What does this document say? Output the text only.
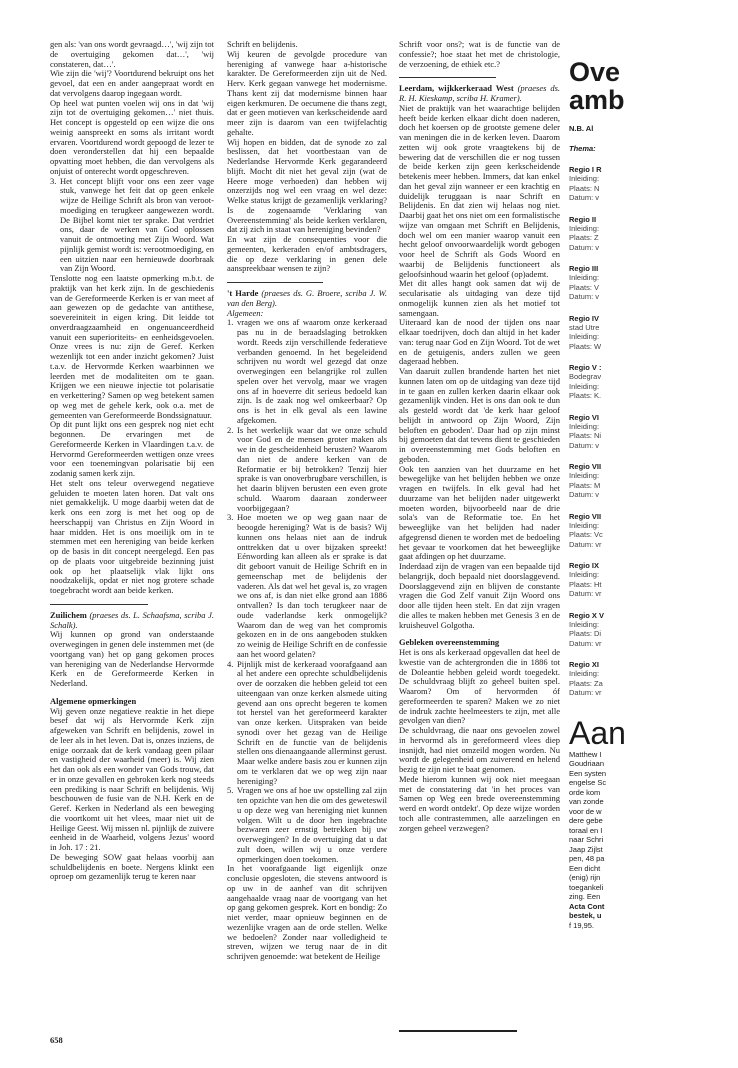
gen als: 'van ons wordt gevraagd…', 'wij zijn tot de overtuiging gekomen dat…', 'wij constateren, dat…'.

Wie zijn die 'wij'? Voortdurend bekruipt ons het gevoel, dat een en ander aangepraat wordt en dat vervolgens daarop ingegaan wordt.

Op heel wat punten voelen wij ons in dat 'wij zijn tot de overtuiging gekomen…' niet thuis. Het concept is opgesteld op een wijze die ons weinig aanspreekt en soms als irritant wordt ervaren. Voortdurend wordt gepoogd de lezer te doen veronderstellen dat hij een bepaalde opvatting moet hebben, die dan vervolgens als onjuist of onterecht wordt opgeschreven.

3. Het concept blijft voor ons een zeer vage stuk, vanwege het feit dat op geen enkele wijze de Heilige Schrift als bron van veroot-moediging en terugkeer aangewezen wordt. De Bijbel komt niet ter sprake. Dat verdriet ons, daar de werken van God oplossen vanuit de ontmoeting met Zijn Woord. Wat pijnlijk gemist wordt is: verootmoediging, en een uitzien naar een hernieuwde doorbraak van Zijn Woord.

Tenslotte nog een laatste opmerking m.b.t. de praktijk van het kerk zijn. In de geschiedenis van de Gereformeerde Kerken is er van meet af aan gewezen op de gedachte van antithese, soevereiniteit in eigen kring. Dit leidde tot onverdraagzaamheid en ongenuanceerdheid vanuit een superioriteits- en eenheidsgevoelen. Onze vrees is nu: zijn de Geref. Kerken wezenlijk tot een ander inzicht gekomen? Juist t.a.v. de Hervormde Kerken waarbinnen we leerden met de modaliteiten om te gaan. Krijgen we een nieuwe injectie tot polarisatie en verkettering? Samen op weg betekent samen op weg met de gehele kerk, ook o.a. met de gemeenten van Gereformeerde Bondssignatuur.

Op dit punt lijkt ons een gesprek nog niet echt begonnen. De ervaringen met de Gereformeerde Kerken in Vlaardingen t.a.v. de Hervormd Gereformeerden wettigen onze vrees voor een toenemingvan polarisatie bij een zodanig samen kerk zijn.

Het stelt ons teleur overwegend negatieve geluiden te moeten laten horen. Dat valt ons niet gemakkelijk. U moge daarbij weten dat de kerk ons een zorg is met het oog op de heerschappij van Christus en Zijn Woord in haar midden. Het is ons moeilijk om in te stemmen met een hereniging van beide kerken op de basis in dit concept neergelegd. Een pas op de plaats voor uitgebreide bezinning juist ook op het plaatselijk vlak lijkt ons noodzakelijk, opdat er niet nog grotere schade toegebracht wordt aan beide kerken.

Zuilichem (praeses ds. L. Schaafsma, scriba J. Schalk).

Wij kunnen op grond van onderstaande overwegingen in genen dele instemmen met (de voortgang van) het op gang gekomen proces van hereniging van de Nederlandse Hervormde Kerk en de Gereformeerde Kerken in Nederland.

Algemene opmerkingen

Wij geven onze negatieve reaktie in het diepe besef dat wij als Hervormde Kerk zijn afgeweken van Schrift en belijdenis, zowel in de leer als in het leven. Dat is, onzes inziens, de enige oorzaak dat de kerk vandaag geen pilaar en vastigheid der waarheid (meer) is. Wij zien het dan ook als een wonder van Gods trouw, dat er in onze gevallen en gebroken kerk nog steeds een prediking is naar Schrift en belijdenis. Wij beschouwen de fusie van de N.H. Kerk en de Geref. Kerken in Nederland als een beweging die voortkomt uit het vlees, maar niet uit de Heilige Geest. Wij missen nl. pijnlijk de zuivere eenheid in de Waarheid, volgens Jezus' woord in Joh. 17 : 21.

De beweging SOW gaat helaas voorbij aan schuldbelijdenis en boete. Nergens klinkt een oproep om gezamenlijk terug te keren naar

Schrift en belijdenis.

Wij keuren de gevolgde procedure van hereniging af vanwege haar a-historische karakter. De Gereformeerden zijn uit de Ned. Herv. Kerk gegaan vanwege het modernisme. Thans kent zij dat modernisme binnen haar eigen kerkmuren. De oecumene die thans zegt, dat er geen motieven van kerkscheidende aard meer zijn is daarom van een twijfelachtig gehalte.

Wij hopen en bidden, dat de synode zo zal beslissen, dat het voortbestaan van de Nederlandse Hervormde Kerk gegarandeerd blijft. Mocht dit niet het geval zijn (wat de Heere moge verhoeden) dan hebben wij onzerzijds nog wel een vraag en wel deze: Welke status krijgt de gezamenlijk verklaring? Is de zogenaamde 'Verklaring van Overeenstemming' als beide kerken verklaren, dat zij zich in staat van hereniging bevinden?

En wat zijn de consequenties voor die gemeenten, kerkeraden en/of ambtsdragers, die op deze verklaring in genen dele aanspreekbaar wensen te zijn?

't Harde (praeses ds. G. Broere, scriba J. W. van den Berg).

Algemeen:

1. vragen we ons af waarom onze kerkeraad pas nu in de beraadslaging betrokken wordt. Reeds zijn verschillende federatieve verbanden genoemd. In het begeleidend schrijven nu wordt wel gezegd dat onze overwegingen een belangrijke rol zullen spelen over het vervolg, maar we vragen ons af in hoeverre dit serieus bedoeld kan zijn. Is de zaak nog wel omkeerbaar? Op ons is het in elk geval als een lawine afgekomen.
2. Is het werkelijk waar dat we onze schuld voor God en de mensen groter maken als we in de gescheidenheid berusten? Waarom dan niet de andere kerken van de Reformatie er bij betrokken? Tenzij hier sprake is van onoverbrugbare verschillen, is het daarin blijven berusten een even grote schuld. Waarom daaraan zonderweer voorbijgegaan?
3. Hoe moeten we op weg gaan naar de beoogde hereniging? Wat is de basis? Wij kunnen ons helaas niet aan de indruk onttrekken dat u over bijzaken spreekt! Eénwording kan alleen als er sprake is dat dit geboort vanuit de Heilige Schrift en in gemeenschap met de belijdenis der vaderen. Als dat wel het geval is, zo vragen we ons af, is dan niet elke grond aan 1886 ontvallen? Is dan toch terugkeer naar de oude vaderlandse kerk onmogelijk? Waarom dan de weg van het compromis gekozen en in de ons aangeboden stukken zo weinig de Heilige Schrift en de confessie aan het woord gelaten?
4. Pijnlijk mist de kerkeraad voorafgaand aan al het andere een oprechte schuldbelijdenis over de oorzaken die hebben geleid tot een uiteengaan van onze kerken alsmede uiting gevend aan ons oprecht begeren te komen tot herstel van het gereformeerd karakter van onze kerken. Uitspraken van beide synodi over het gezag van de Heilige Schrift en de functie van de belijdenis stellen ons dienaangaande allerminst gerust. Maar welke andere basis zou er kunnen zijn om te verklaren dat we op weg zijn naar hereniging?
5. Vragen we ons af hoe uw opstelling zal zijn ten opzichte van hen die om des geweteswil u op deze weg van hereniging niet kunnen volgen. Wilt u de door hen ingebrachte bezwaren zeer ernstig betrekken bij uw overwegingen? In de overtuiging dat u dat zult doen, willen wij u onze verdere opmerkingen doen toekomen.

In het voorafgaande ligt eigenlijk onze conclusie opgesloten, die stevens antwoord is op uw in de aanhef van dit schrijven aangehaalde vraag naar de voortgang van het op gang gekomen gesprek. Kort en bondig: Zo niet verder, maar opnieuw beginnen en de wezenlijke vragen aan de orde stellen. Welke we bedoelen? Zonder naar volledigheid te streven, wijzen we terug naar de in dit schrijven genoemde: wat betekent de Heilige

Schrift voor ons?; wat is de functie van de confessie?; hoe staat het met de christologie, de verzoening, de ethiek etc.?

Leerdam, wijkkerkeraad West (praeses ds. R. H. Kieskamp, scriba H. Kramer).

Niet de praktijk van het waarachtige belijden heeft beide kerken elkaar dicht doen naderen, doch het koersen op de grootste gemene deler van meningen die in de kerken leven. Daarom zetten wij ook grote vraagtekens bij de bewering dat de verschillen die er nog tussen de beide kerken zijn geen kerkscheidende betekenis meer hebben. Immers, dat kan enkel dan het geval zijn wanneer er een krachtig en duidelijk teruggaan is naar Schrift en Belijdenis. En dat zien wij helaas nog niet. Daarbij gaat het ons niet om een formalistische wijze van omgaan met Schrift en Belijdenis, doch wel om een manier waarop vanuit een hecht geloof onvoorwaardelijk wordt gebogen voor heel de Schrift als Gods Woord en waarbij de Belijdenis functioneert als geloofsinhoud waarin het geloof (op)ademt.

Met dit alles hangt ook samen dat wij de secularisatie als uitdaging van deze tijd onmogelijk kunnen zien als het motief tot samengaan.

Uiteraard kan de nood der tijden ons naar elkaar toedrijven, doch dan altijd in het kader van: terug naar God en Zijn Woord. Tot de wet en de getuigenis, anders zullen we geen dageraad hebben.

Van daaruit zullen brandende harten het niet kunnen laten om op de uitdaging van deze tijd in te gaan en zullen kerken daarin elkaar ook gezamenlijk vinden. Het is ons dan ook te dun als gesteld wordt dat 'de kerk haar geloof belijdt in antwoord op Zijn Woord, Zijn beloften en geboden'. Daar had op zijn minst bij gemoeten dat dat tevens dient te geschieden in overeenstemming met Gods beloften en geboden.

Ook ten aanzien van het duurzame en het bewegelijke van het belijden hebben we onze vragen en twijfels. In elk geval had het duurzame van het belijden nader uitgewerkt moeten worden, bijvoorbeeld naar de drie sola's van de Reformatie toe. En het beweeglijke van het belijden had nader afgegrensd dienen te worden met de bedoeling het gevaar te voorkomen dat het beweeglijke gaat afdingen op het duurzame.

Inderdaad zijn de vragen van een bepaalde tijd belangrijk, doch bepaald niet doorslaggevend. Doorslaggevend zijn en blijven de constante vragen die God Zelf vanuit Zijn Woord ons door alle tijden heen stelt. En dat zijn vragen die alles te maken hebben met Genesis 3 en de kruisheuvel Golgotha.

Gebleken overeenstemming

Het is ons als kerkeraad opgevallen dat heel de kwestie van de achtergronden die in 1886 tot de Doleantie hebben geleid wordt toegedekt. De schuldvraag blijft zo geheel buiten spel. Waarom? Om of hervormden óf gereformeerden te sparen? Maken we zo niet de indruk zachte heelmeesters te zijn, met alle gevolgen van dien?

De schuldvraag, die naar ons gevoelen zowel in hervormd als in gereformeerd vlees diep insnijdt, had niet omzeild mogen worden. Nu wordt de gelegenheid om zuiverend en helend bezig te zijn niet te baat genomen.

Mede hierom kunnen wij ook niet meegaan met de constatering dat 'in het proces van Samen op Weg een brede overeenstemming werd en wordt ontdekt'. Op deze wijze worden toch alle contrastemmen, alle aarzelingen en zorgen geheel verzwegen?

658
Ove
amb
N.B. Al
Thema:
Regio I R
Inleiding:
Plaats: N
Datum: v
Regio II
Inleiding:
Plaats: Z
Datum: v
Regio III
Inleiding:
Plaats: V
Datum: v
Regio IV
stad Utre
Inleiding:
Plaats: W
Regio V :
Bodegrav
Inleiding:
Plaats: K.
Regio VI
Inleiding:
Plaats: Ni
Datum: v
Regio VII
Inleiding:
Plaats: M
Datum: v
Regio VII
Inleiding:
Plaats: Vc
Datum: vr
Regio IX
Inleiding:
Plaats: Ht
Datum: vr
Regio X V
Inleiding:
Plaats: Di
Datum: vr
Regio XI
Inleiding:
Plaats: Za
Datum: vr
Aan
Matthew I
Goudriaan
Een systen
engelse Sc
orde kom
van zonde
voor de w
dere gebe
toraal en I
naar Schri
Jaap Zijlst
pen, 48 pa
Een dicht
(enig) rijn
toegankeli
zing. Een
Acta Cont
bestek, u
f 19,95.
